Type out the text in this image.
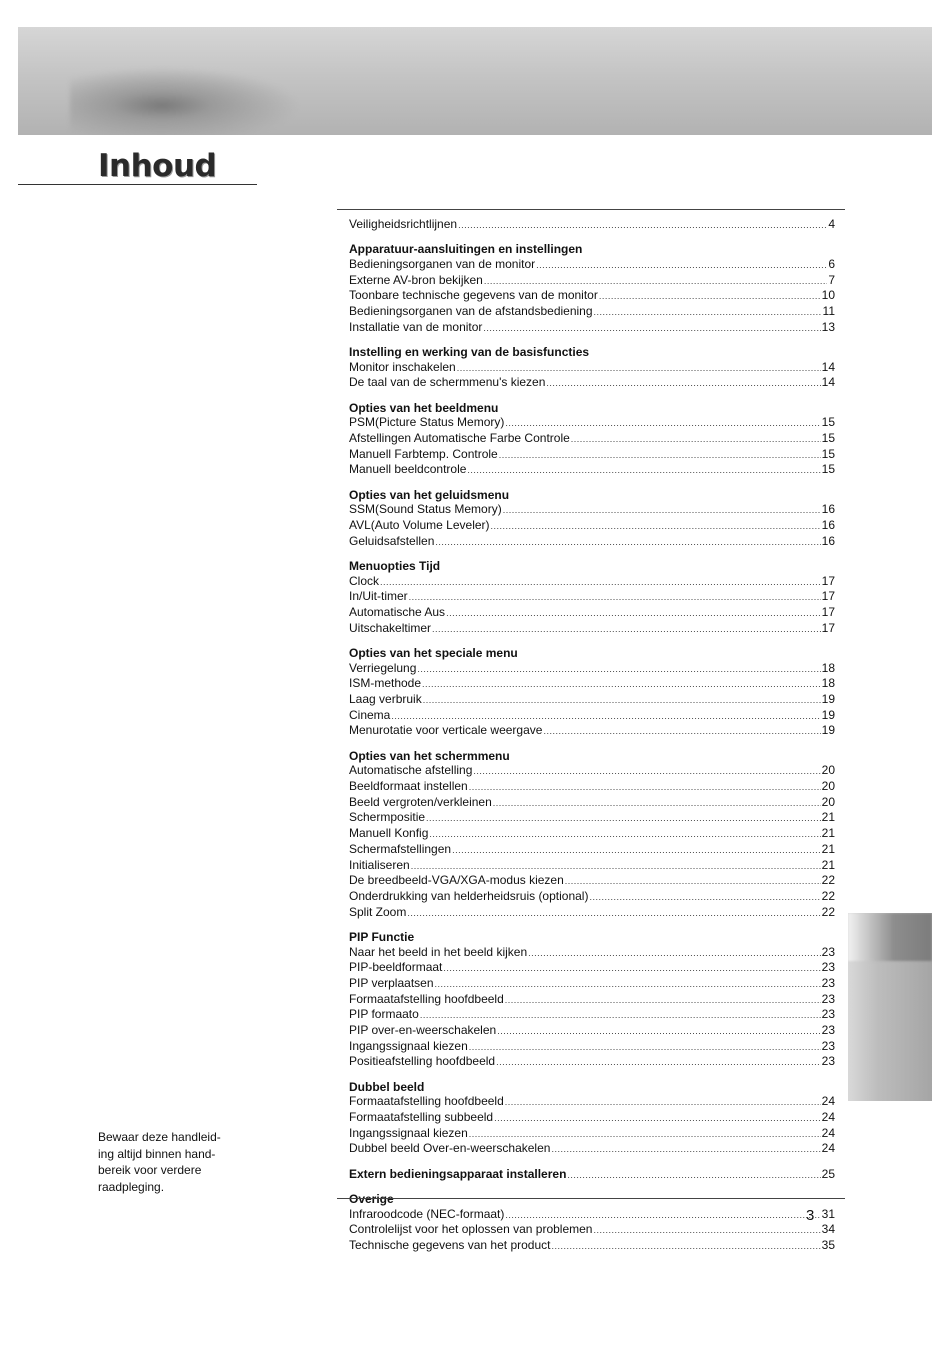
Inhoud
Veiligheidsrichtlijnen .....	4
Apparatuur-aansluitingen en instellingen
Bedieningsorganen van de monitor .....	6
Externe AV-bron bekijken .....	7
Toonbare technische gegevens van de monitor .....	10
Bedieningsorganen van de afstandsbediening .....	11
Installatie van de monitor .....	13
Instelling en werking van de basisfuncties
Monitor inschakelen .....	14
De taal van de schermmenu's kiezen .....	14
Opties van het beeldmenu
PSM(Picture Status Memory) .....	15
Afstellingen Automatische Farbe Controle .....	15
Manuell Farbtemp. Controle .....	15
Manuell beeldcontrole .....	15
Opties van het geluidsmenu
SSM(Sound Status Memory) .....	16
AVL(Auto Volume Leveler) .....	16
Geluidsafstellen .....	16
Menuopties Tijd
Clock .....	17
In/Uit-timer .....	17
Automatische Aus .....	17
Uitschakeltimer .....	17
Opties van het speciale menu
Verriegelung .....	18
ISM-methode .....	18
Laag verbruik .....	19
Cinema .....	19
Menurotatie voor verticale weergave .....	19
Opties van het schermmenu
Automatische afstelling .....	20
Beeldformaat instellen .....	20
Beeld vergroten/verkleinen .....	20
Schermpositie .....	21
Manuell Konfig .....	21
Schermafstellingen .....	21
Initialiseren .....	21
De breedbeeld-VGA/XGA-modus kiezen .....	22
Onderdrukking van helderheidsruis (optional) .....	22
Split Zoom .....	22
PIP Functie
Naar het beeld in het beeld kijken .....	23
PIP-beeldformaat .....	23
PIP verplaatsen .....	23
Formaatafstelling hoofdbeeld .....	23
PIP formaato .....	23
PIP over-en-weerschakelen .....	23
Ingangssignaal kiezen .....	23
Positieafstelling hoofdbeeld .....	23
Dubbel beeld
Formaatafstelling hoofdbeeld .....	24
Formaatafstelling subbeeld .....	24
Ingangssignaal kiezen .....	24
Dubbel beeld Over-en-weerschakelen .....	24
Extern bedieningsapparaat installeren .....	25
Infraroodcode (NEC-formaat) .....	31
Controlelijst voor het oplossen van problemen .....	34
Technische gegevens van het product .....	35

Bewaar deze handleid-
ing altijd binnen hand-
bereik voor verdere
raadpleging.

3
